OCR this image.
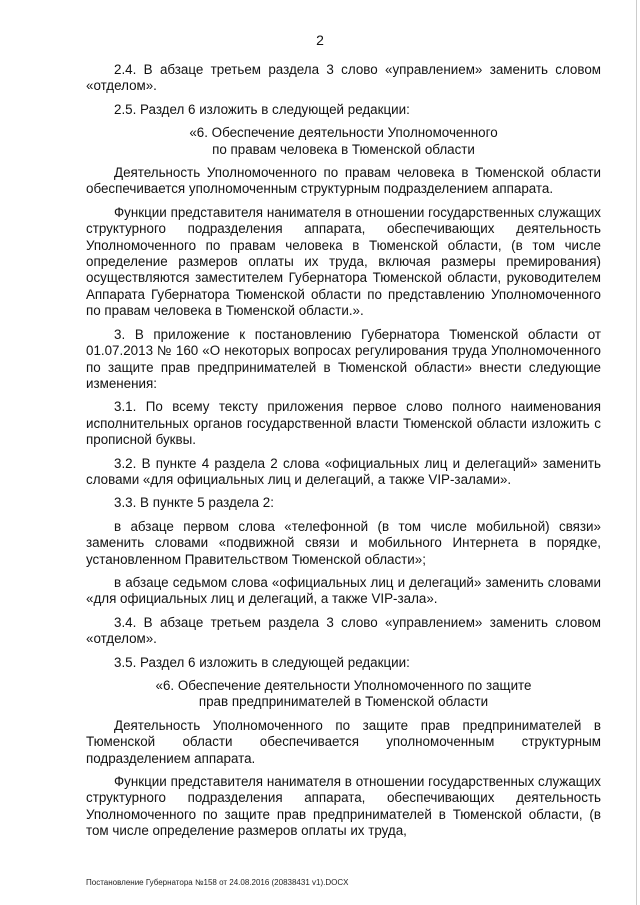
2
2.4. В абзаце третьем раздела 3 слово «управлением» заменить словом «отделом».
2.5. Раздел 6 изложить в следующей редакции:
«6. Обеспечение деятельности Уполномоченного
по правам человека в Тюменской области
Деятельность Уполномоченного по правам человека в Тюменской области обеспечивается уполномоченным структурным подразделением аппарата.
Функции представителя нанимателя в отношении государственных служащих структурного подразделения аппарата, обеспечивающих деятельность Уполномоченного по правам человека в Тюменской области, (в том числе определение размеров оплаты их труда, включая размеры премирования) осуществляются заместителем Губернатора Тюменской области, руководителем Аппарата Губернатора Тюменской области по представлению Уполномоченного по правам человека в Тюменской области.».
3. В приложение к постановлению Губернатора Тюменской области от 01.07.2013 № 160 «О некоторых вопросах регулирования труда Уполномоченного по защите прав предпринимателей в Тюменской области» внести следующие изменения:
3.1. По всему тексту приложения первое слово полного наименования исполнительных органов государственной власти Тюменской области изложить с прописной буквы.
3.2. В пункте 4 раздела 2 слова «официальных лиц и делегаций» заменить словами «для официальных лиц и делегаций, а также VIP-залами».
3.3. В пункте 5 раздела 2:
в абзаце первом слова «телефонной (в том числе мобильной) связи» заменить словами «подвижной связи и мобильного Интернета в порядке, установленном Правительством Тюменской области»;
в абзаце седьмом слова «официальных лиц и делегаций» заменить словами «для официальных лиц и делегаций, а также VIP-зала».
3.4. В абзаце третьем раздела 3 слово «управлением» заменить словом «отделом».
3.5. Раздел 6 изложить в следующей редакции:
«6. Обеспечение деятельности Уполномоченного по защите
прав предпринимателей в Тюменской области
Деятельность Уполномоченного по защите прав предпринимателей в Тюменской области обеспечивается уполномоченным структурным подразделением аппарата.
Функции представителя нанимателя в отношении государственных служащих структурного подразделения аппарата, обеспечивающих деятельность Уполномоченного по защите прав предпринимателей в Тюменской области, (в том числе определение размеров оплаты их труда,
Постановление Губернатора №158 от 24.08.2016 (20838431 v1).DOCX
